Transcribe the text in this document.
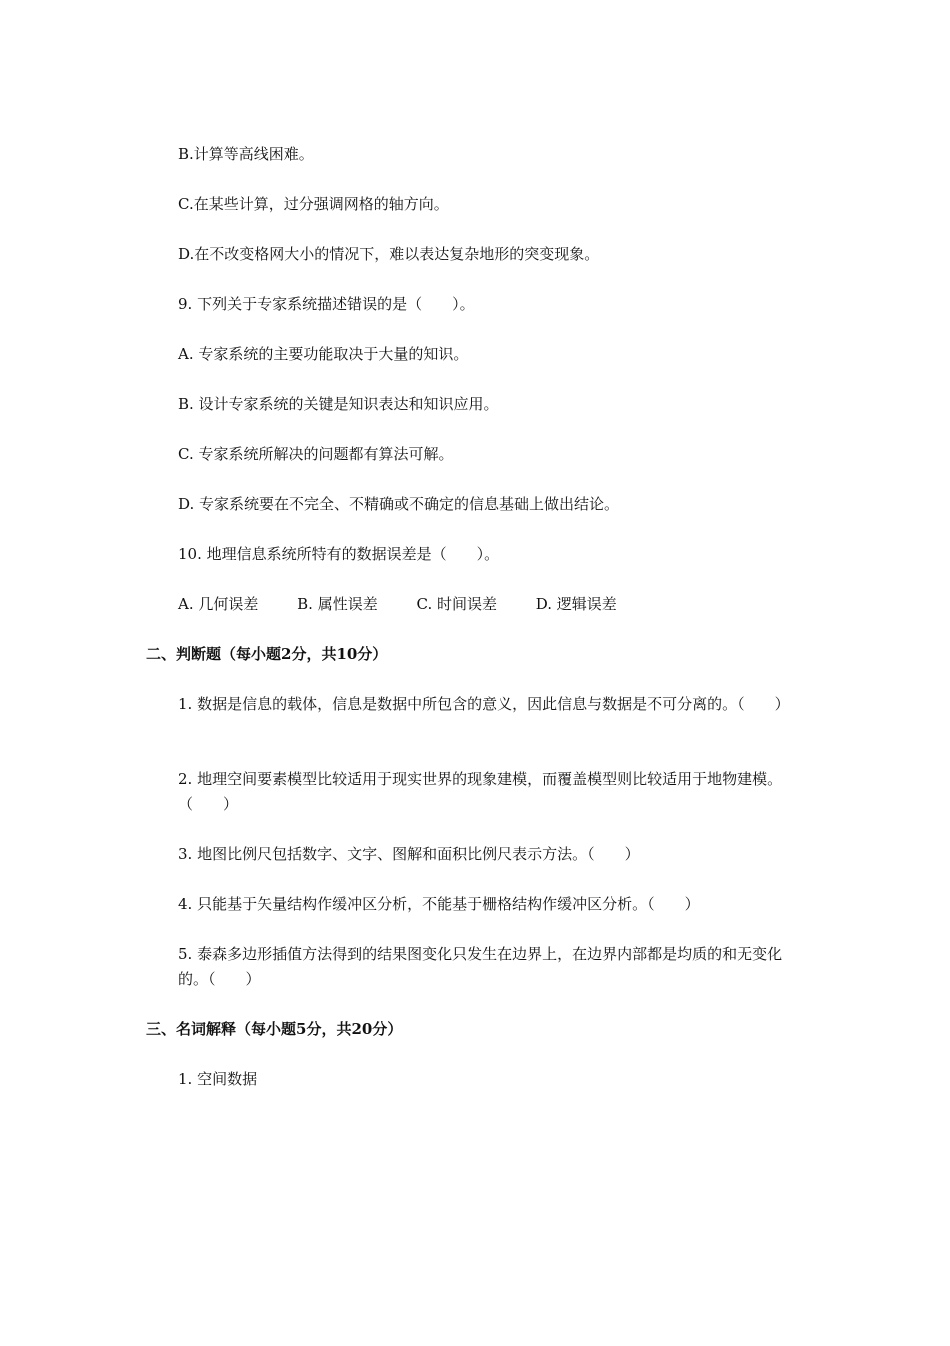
B.计算等高线困难。
C.在某些计算，过分强调网格的轴方向。
D.在不改变格网大小的情况下，难以表达复杂地形的突变现象。
9. 下列关于专家系统描述错误的是（　　）。
A. 专家系统的主要功能取决于大量的知识。
B. 设计专家系统的关键是知识表达和知识应用。
C. 专家系统所解决的问题都有算法可解。
D. 专家系统要在不完全、不精确或不确定的信息基础上做出结论。
10. 地理信息系统所特有的数据误差是（　　）。
A. 几何误差	B. 属性误差	C. 时间误差	D. 逻辑误差
二、判断题（每小题2分，共10分）
1. 数据是信息的载体，信息是数据中所包含的意义，因此信息与数据是不可分离的。（　　）
2. 地理空间要素模型比较适用于现实世界的现象建模，而覆盖模型则比较适用于地物建模。（　　）
3. 地图比例尺包括数字、文字、图解和面积比例尺表示方法。（　　）
4. 只能基于矢量结构作缓冲区分析，不能基于栅格结构作缓冲区分析。（　　）
5. 泰森多边形插值方法得到的结果图变化只发生在边界上，在边界内部都是均质的和无变化的。（　　）
三、名词解释（每小题5分，共20分）
1. 空间数据
